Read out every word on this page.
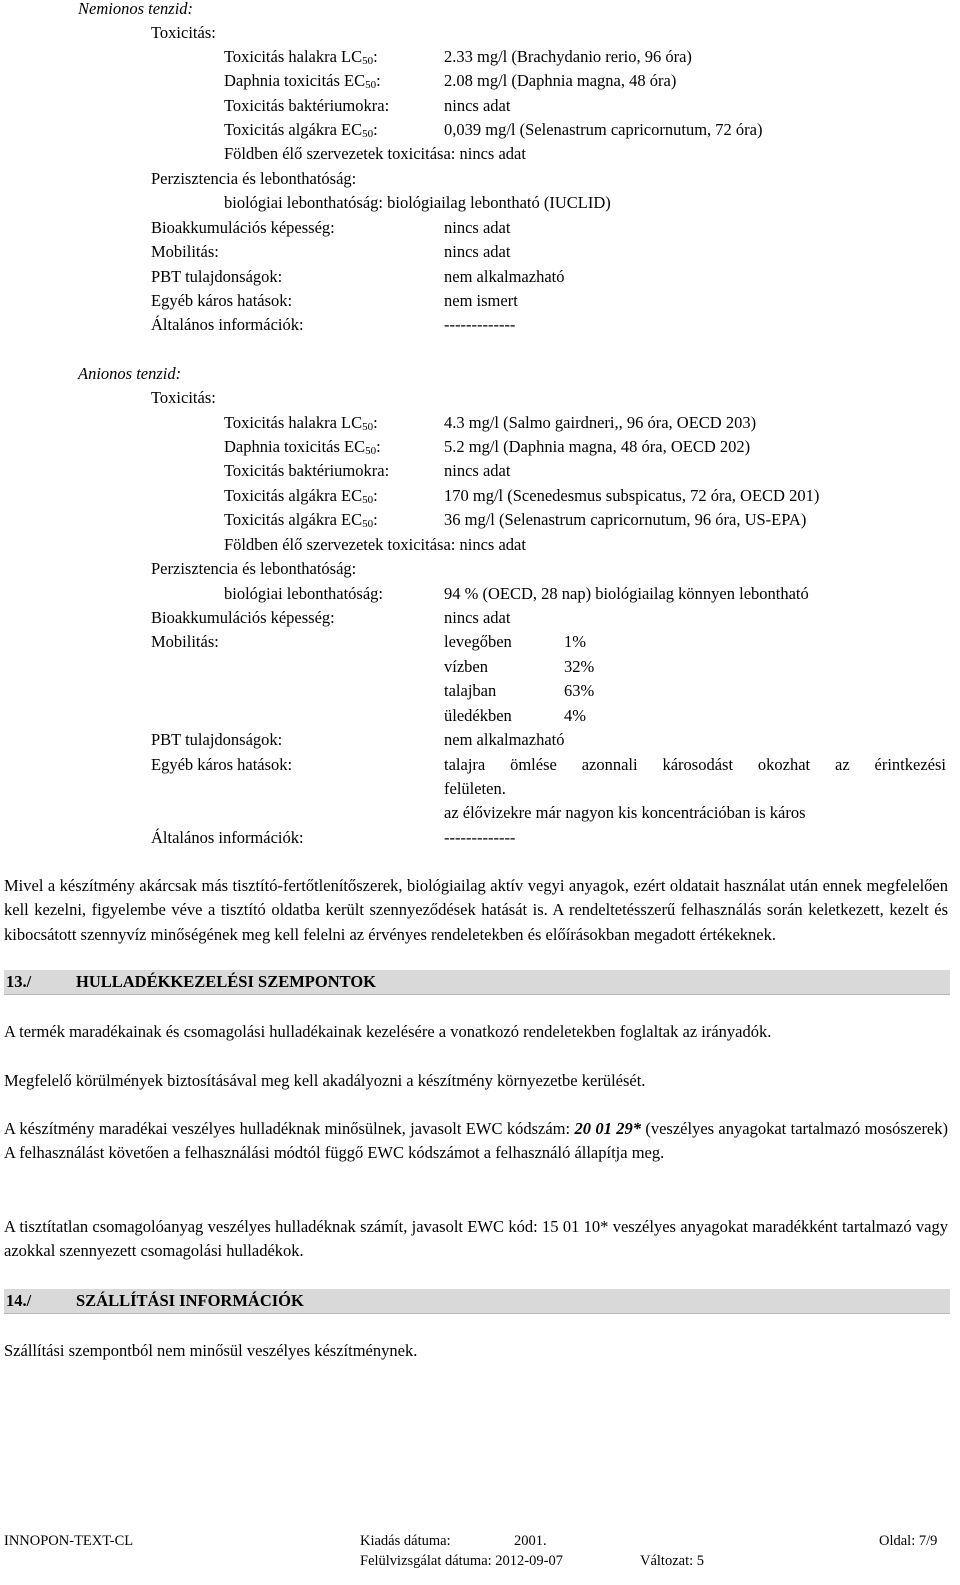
Nemionos tenzid:
Toxicitás:
Toxicitás halakra $LC_{50}$:	2.33 mg/l (Brachydanio rerio, 96 óra)
Daphnia toxicitás $EC_{50}$:	2.08 mg/l (Daphnia magna, 48 óra)
Toxicitás baktériumokra:	nincs adat
Toxicitás algákra $EC_{50}$:	0,039 mg/l (Selenastrum capricornutum, 72 óra)
Földben élő szervezetek toxicitása: nincs adat
Perzisztencia és lebonthatóság:
biológiai lebonthatóság: biológiailag lebontható (IUCLID)
Bioakkumulációs képesség:	nincs adat
Mobilitás:	nincs adat
PBT tulajdonságok:	nem alkalmazható
Egyéb káros hatások:	nem ismert
Általános információk:	-------------
Anionos tenzid:
Toxicitás:
Toxicitás halakra $LC_{50}$:	4.3 mg/l (Salmo gairdneri,, 96 óra, OECD 203)
Daphnia toxicitás $EC_{50}$:	5.2 mg/l (Daphnia magna, 48 óra, OECD 202)
Toxicitás baktériumokra:	nincs adat
Toxicitás algákra $EC_{50}$:	170 mg/l (Scenedesmus subspicatus, 72 óra, OECD 201)
Toxicitás algákra $EC_{50}$:	36 mg/l (Selenastrum capricornutum, 96 óra, US-EPA)
Földben élő szervezetek toxicitása: nincs adat
Perzisztencia és lebonthatóság:
biológiai lebonthatóság:	94 % (OECD, 28 nap) biológiailag könnyen lebontható
Bioakkumulációs képesség:	nincs adat
Mobilitás:	levegőben	1%
vízben	32%
talajban	63%
üledékben	4%
PBT tulajdonságok:	nem alkalmazható
Egyéb káros hatások:	talajra ömlése azonnali károsodást okozhat az érintkezési
felületen.
az élővizekre már nagyon kis koncentrációban is káros
Általános információk:	-------------
Mivel a készítmény akárcsak más tisztító-fertőtlenítőszerek, biológiailag aktív vegyi anyagok, ezért oldatait használat után ennek megfelelően kell kezelni, figyelembe véve a tisztító oldatba került szennyeződések hatását is. A rendeltetésszerű felhasználás során keletkezett, kezelt és kibocsátott szennyvíz minőségének meg kell felelni az érvényes rendeletekben és előírásokban megadott értékeknek.
13./	HULLADÉKKEZELÉSI SZEMPONTOK
A termék maradékainak és csomagolási hulladékainak kezelésére a vonatkozó rendeletekben foglaltak az irányadók.
Megfelelő körülmények biztosításával meg kell akadályozni a készítmény környezetbe kerülését.
A készítmény maradékai veszélyes hulladéknak minősülnek, javasolt EWC kódszám: 20 01 29* (veszélyes anyagokat tartalmazó mosószerek) A felhasználást követően a felhasználási módtól függő EWC kódszámot a felhasználó állapítja meg.
A tisztítatlan csomagolóanyag veszélyes hulladéknak számít, javasolt EWC kód: 15 01 10* veszélyes anyagokat maradékként tartalmazó vagy azokkal szennyezett csomagolási hulladékok.
14./	SZÁLLÍTÁSI INFORMÁCIÓK
Szállítási szempontból nem minősül veszélyes készítménynek.
INNOPON-TEXT-CL	Kiadás dátuma:	2001.	Oldal: 7/9
Felülvizsgálat dátuma: 2012-09-07	Változat: 5
